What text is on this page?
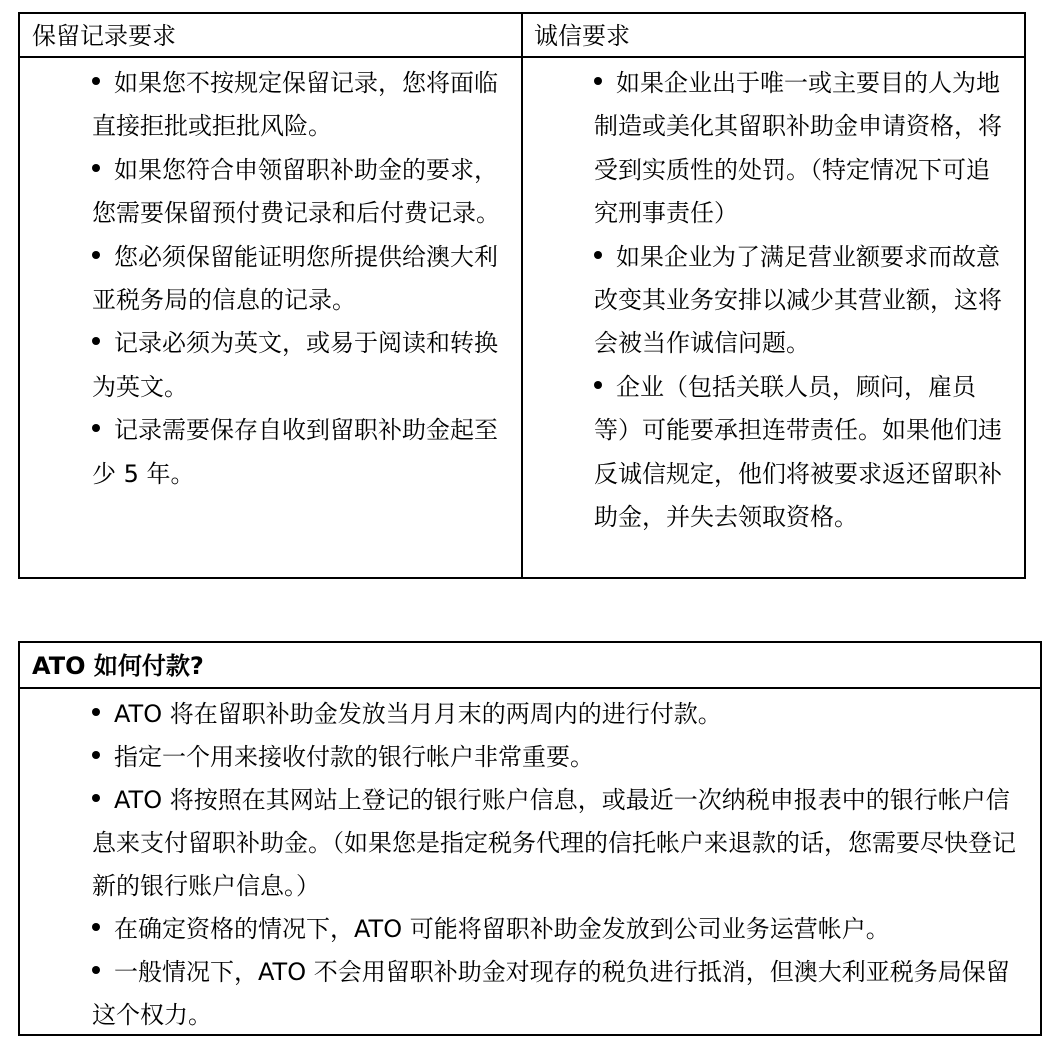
保留记录要求	诚信要求

如果您不按规定保留记录，您将面临直接拒批或拒批风险。

如果您符合申领留职补助金的要求，您需要保留预付费记录和后付费记录。

您必须保留能证明您所提供给澳大利亚税务局的信息的记录。

记录必须为英文，或易于阅读和转换为英文。

记录需要保存自收到留职补助金起至少 5 年。

如果企业出于唯一或主要目的人为地制造或美化其留职补助金申请资格，将受到实质性的处罚。（特定情况下可追究刑事责任）

如果企业为了满足营业额要求而故意改变其业务安排以减少其营业额，这将会被当作诚信问题。

企业（包括关联人员，顾问，雇员等）可能要承担连带责任。如果他们违反诚信规定，他们将被要求返还留职补助金，并失去领取资格。

ATO 如何付款?

ATO 将在留职补助金发放当月月末的两周内的进行付款。

指定一个用来接收付款的银行帐户非常重要。

ATO 将按照在其网站上登记的银行账户信息，或最近一次纳税申报表中的银行帐户信息来支付留职补助金。（如果您是指定税务代理的信托帐户来退款的话，您需要尽快登记新的银行账户信息。）

在确定资格的情况下，ATO 可能将留职补助金发放到公司业务运营帐户。

一般情况下，ATO 不会用留职补助金对现存的税负进行抵消，但澳大利亚税务局保留这个权力。
